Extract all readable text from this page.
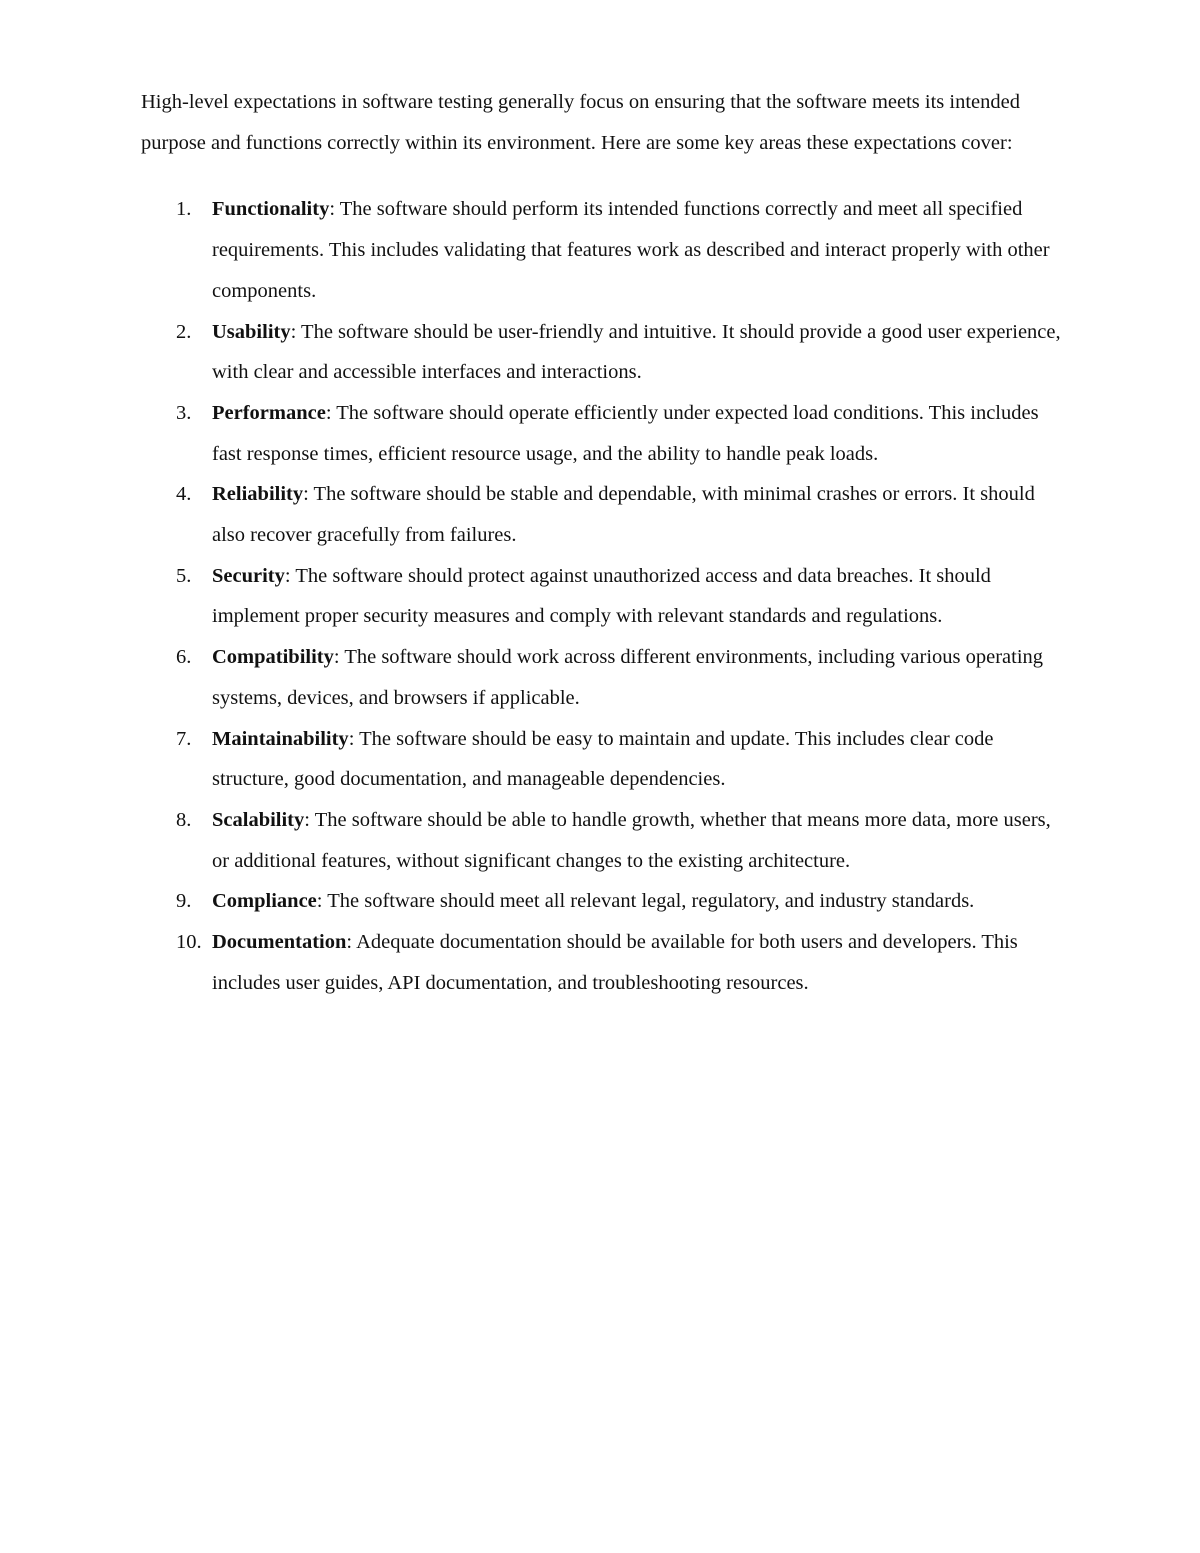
High-level expectations in software testing generally focus on ensuring that the software meets its intended purpose and functions correctly within its environment. Here are some key areas these expectations cover:

1.	Functionality: The software should perform its intended functions correctly and meet all specified requirements. This includes validating that features work as described and interact properly with other components.
2.	Usability: The software should be user-friendly and intuitive. It should provide a good user experience, with clear and accessible interfaces and interactions.
3.	Performance: The software should operate efficiently under expected load conditions. This includes fast response times, efficient resource usage, and the ability to handle peak loads.
4.	Reliability: The software should be stable and dependable, with minimal crashes or errors. It should also recover gracefully from failures.
5.	Security: The software should protect against unauthorized access and data breaches. It should implement proper security measures and comply with relevant standards and regulations.
6.	Compatibility: The software should work across different environments, including various operating systems, devices, and browsers if applicable.
7.	Maintainability: The software should be easy to maintain and update. This includes clear code structure, good documentation, and manageable dependencies.
8.	Scalability: The software should be able to handle growth, whether that means more data, more users, or additional features, without significant changes to the existing architecture.
9.	Compliance: The software should meet all relevant legal, regulatory, and industry standards.
10. Documentation: Adequate documentation should be available for both users and developers. This includes user guides, API documentation, and troubleshooting resources.
